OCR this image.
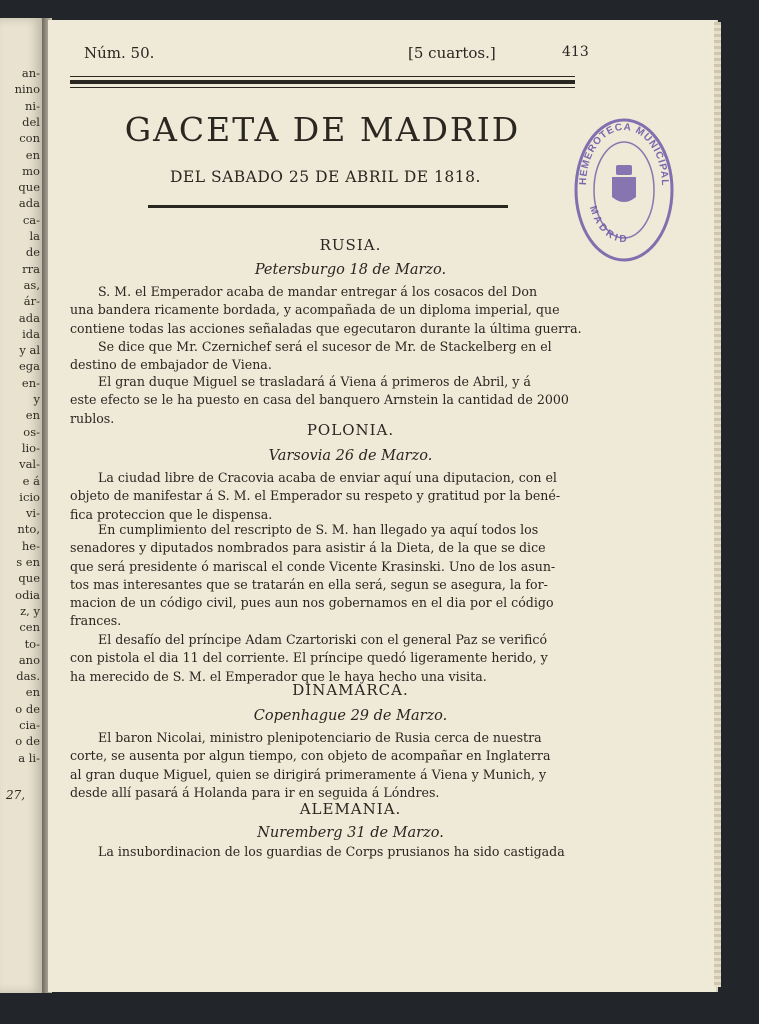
an-
nino
ni-
del
con
en
mo
que
ada
ca-
la
de
rra
as,
ár-
ada
ida
y al
ega
en-
y
en
os-
lio-
val-
e á
icio
vi-
nto,
he-
s en
que
odia
z, y
cen
to-
ano
das.
en
o de
cia-
o de
a li-
27,
Núm. 50.	[5 cuartos.]	413
GACETA DE MADRID
DEL SABADO 25 DE ABRIL DE 1818.	HEMEROTECA MUNICIPAL
MADRID
RUSIA.
Petersburgo 18 de Marzo.
S. M. el Emperador acaba de mandar entregar á los cosacos del Don
una bandera ricamente bordada, y acompañada de un diploma imperial, que
contiene todas las acciones señaladas que egecutaron durante la última guerra.
Se dice que Mr. Czernichef será el sucesor de Mr. de Stackelberg en el
destino de embajador de Viena.
El gran duque Miguel se trasladará á Viena á primeros de Abril, y á
este efecto se le ha puesto en casa del banquero Arnstein la cantidad de 2000
rublos.
POLONIA.
Varsovia 26 de Marzo.
La ciudad libre de Cracovia acaba de enviar aquí una diputacion, con el
objeto de manifestar á S. M. el Emperador su respeto y gratitud por la bené-
fica proteccion que le dispensa.
En cumplimiento del rescripto de S. M. han llegado ya aquí todos los
senadores y diputados nombrados para asistir á la Dieta, de la que se dice
que será presidente ó mariscal el conde Vicente Krasinski. Uno de los asun-
tos mas interesantes que se tratarán en ella será, segun se asegura, la for-
macion de un código civil, pues aun nos gobernamos en el dia por el código
frances.
El desafío del príncipe Adam Czartoriski con el general Paz se verificó
con pistola el dia 11 del corriente. El príncipe quedó ligeramente herido, y
ha merecido de S. M. el Emperador que le haya hecho una visita.
DINAMARCA.
Copenhague 29 de Marzo.
El baron Nicolai, ministro plenipotenciario de Rusia cerca de nuestra
corte, se ausenta por algun tiempo, con objeto de acompañar en Inglaterra
al gran duque Miguel, quien se dirigirá primeramente á Viena y Munich, y
desde allí pasará á Holanda para ir en seguida á Lóndres.
ALEMANIA.
Nuremberg 31 de Marzo.
La insubordinacion de los guardias de Corps prusianos ha sido castigada
